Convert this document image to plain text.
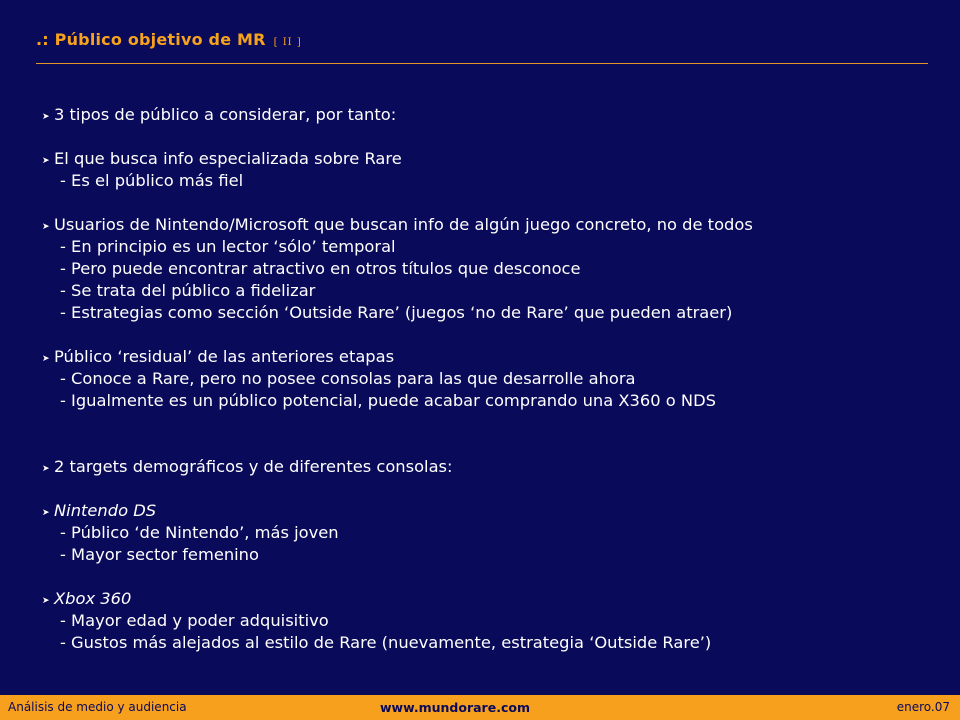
.: Público objetivo de MR [ II ]
➤ 3 tipos de público a considerar, por tanto:
➤ El que busca info especializada sobre Rare
- Es el público más fiel
➤ Usuarios de Nintendo/Microsoft que buscan info de algún juego concreto, no de todos
- En principio es un lector ‘sólo’ temporal
- Pero puede encontrar atractivo en otros títulos que desconoce
- Se trata del público a fidelizar
- Estrategias como sección ‘Outside Rare’ (juegos ‘no de Rare’ que pueden atraer)
➤ Público ‘residual’ de las anteriores etapas
- Conoce a Rare, pero no posee consolas para las que desarrolle ahora
- Igualmente es un público potencial, puede acabar comprando una X360 o NDS
➤ 2 targets demográficos y de diferentes consolas:
➤ Nintendo DS
- Público ‘de Nintendo’, más joven
- Mayor sector femenino
➤ Xbox 360
- Mayor edad y poder adquisitivo
- Gustos más alejados al estilo de Rare (nuevamente, estrategia ‘Outside Rare’)
Análisis de medio y audiencia	www.mundorare.com	enero.07
